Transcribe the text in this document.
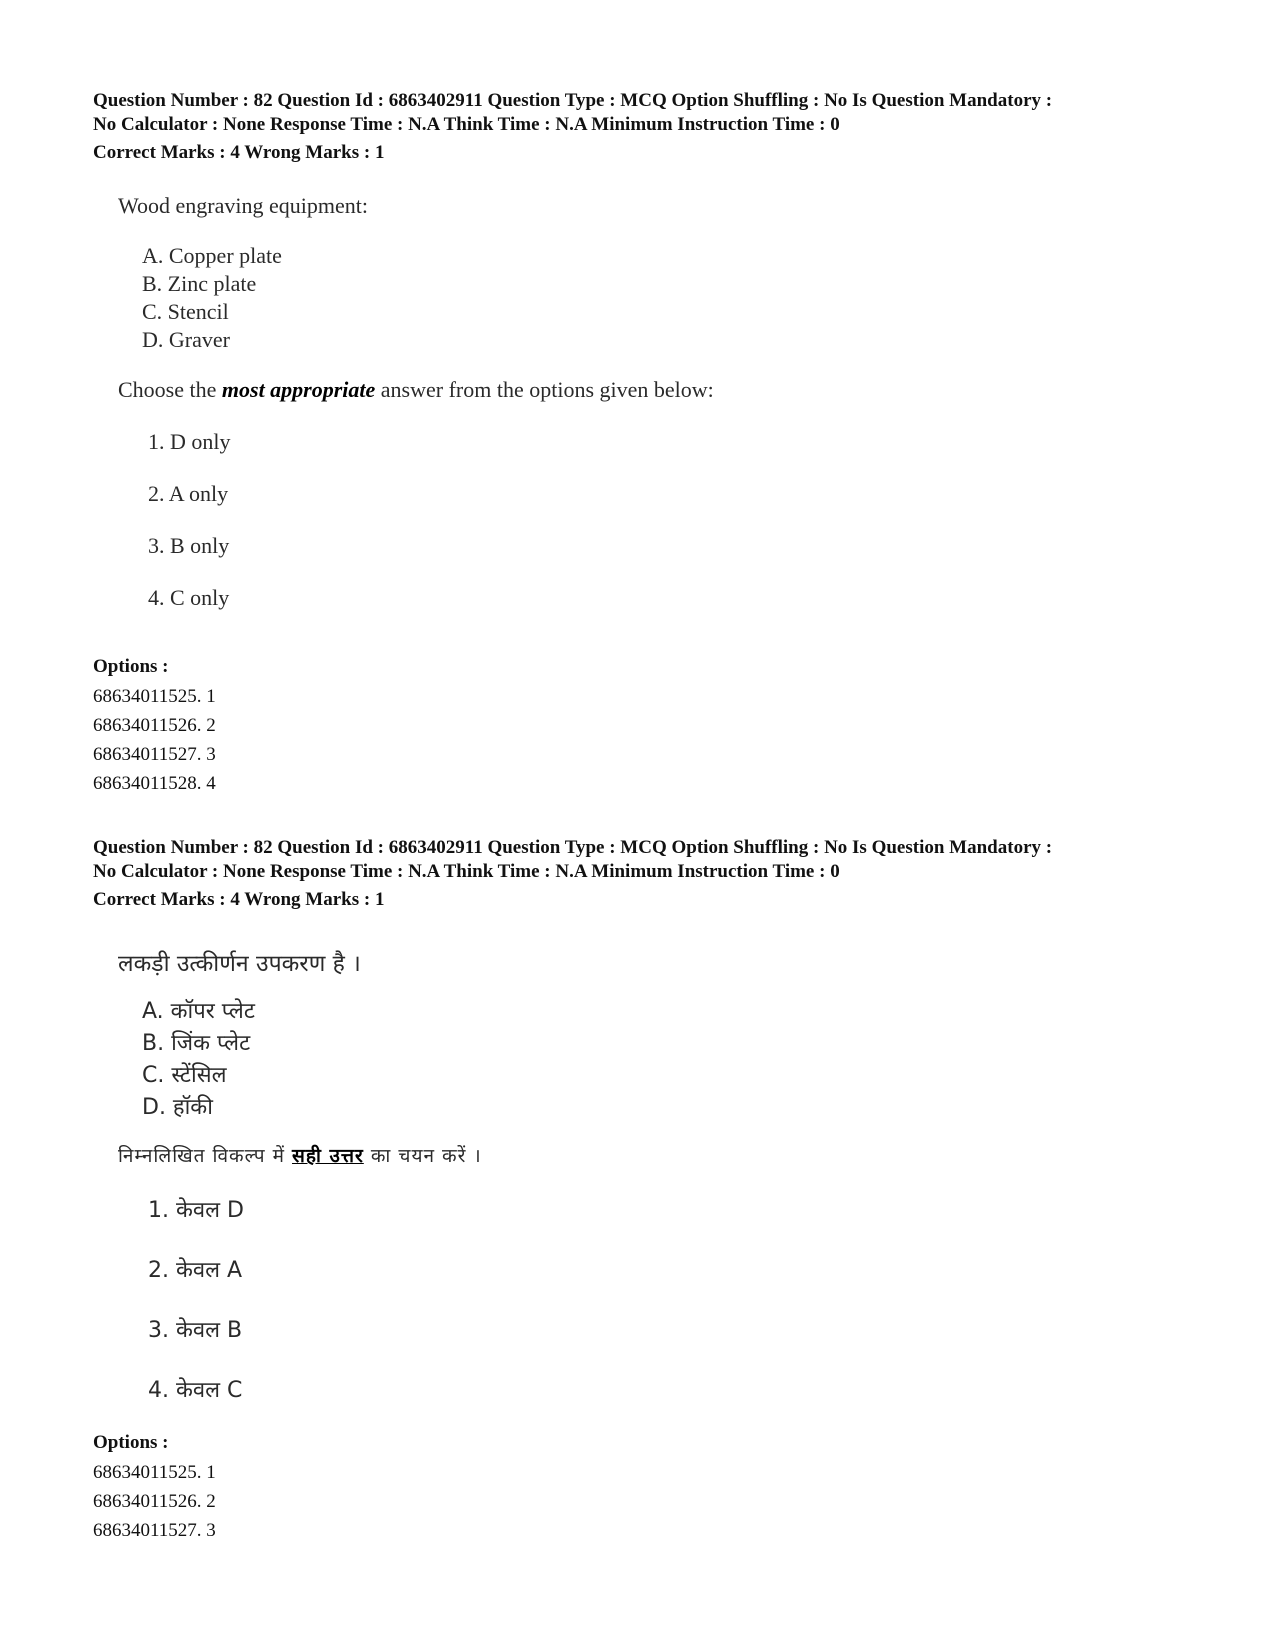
Question Number : 82 Question Id : 6863402911 Question Type : MCQ Option Shuffling : No Is Question Mandatory :
No Calculator : None Response Time : N.A Think Time : N.A Minimum Instruction Time : 0
Correct Marks : 4 Wrong Marks : 1

Wood engraving equipment:

A. Copper plate
B. Zinc plate
C. Stencil
D. Graver

Choose the most appropriate answer from the options given below:

1. D only
2. A only
3. B only
4. C only

Options :

68634011525. 1
68634011526. 2
68634011527. 3
68634011528. 4
Question Number : 82 Question Id : 6863402911 Question Type : MCQ Option Shuffling : No Is Question Mandatory :
No Calculator : None Response Time : N.A Think Time : N.A Minimum Instruction Time : 0
Correct Marks : 4 Wrong Marks : 1
लकड़ी उत्कीर्णन उपकरण है ।
A. कॉपर प्लेट
B. जिंक प्लेट
C. स्टेंसिल
D. हॉकी
निम्नलिखित विकल्प में सही उत्तर का चयन करें ।
1. केवल D
2. केवल A
3. केवल B
4. केवल C

Options :

68634011525. 1
68634011526. 2
68634011527. 3
